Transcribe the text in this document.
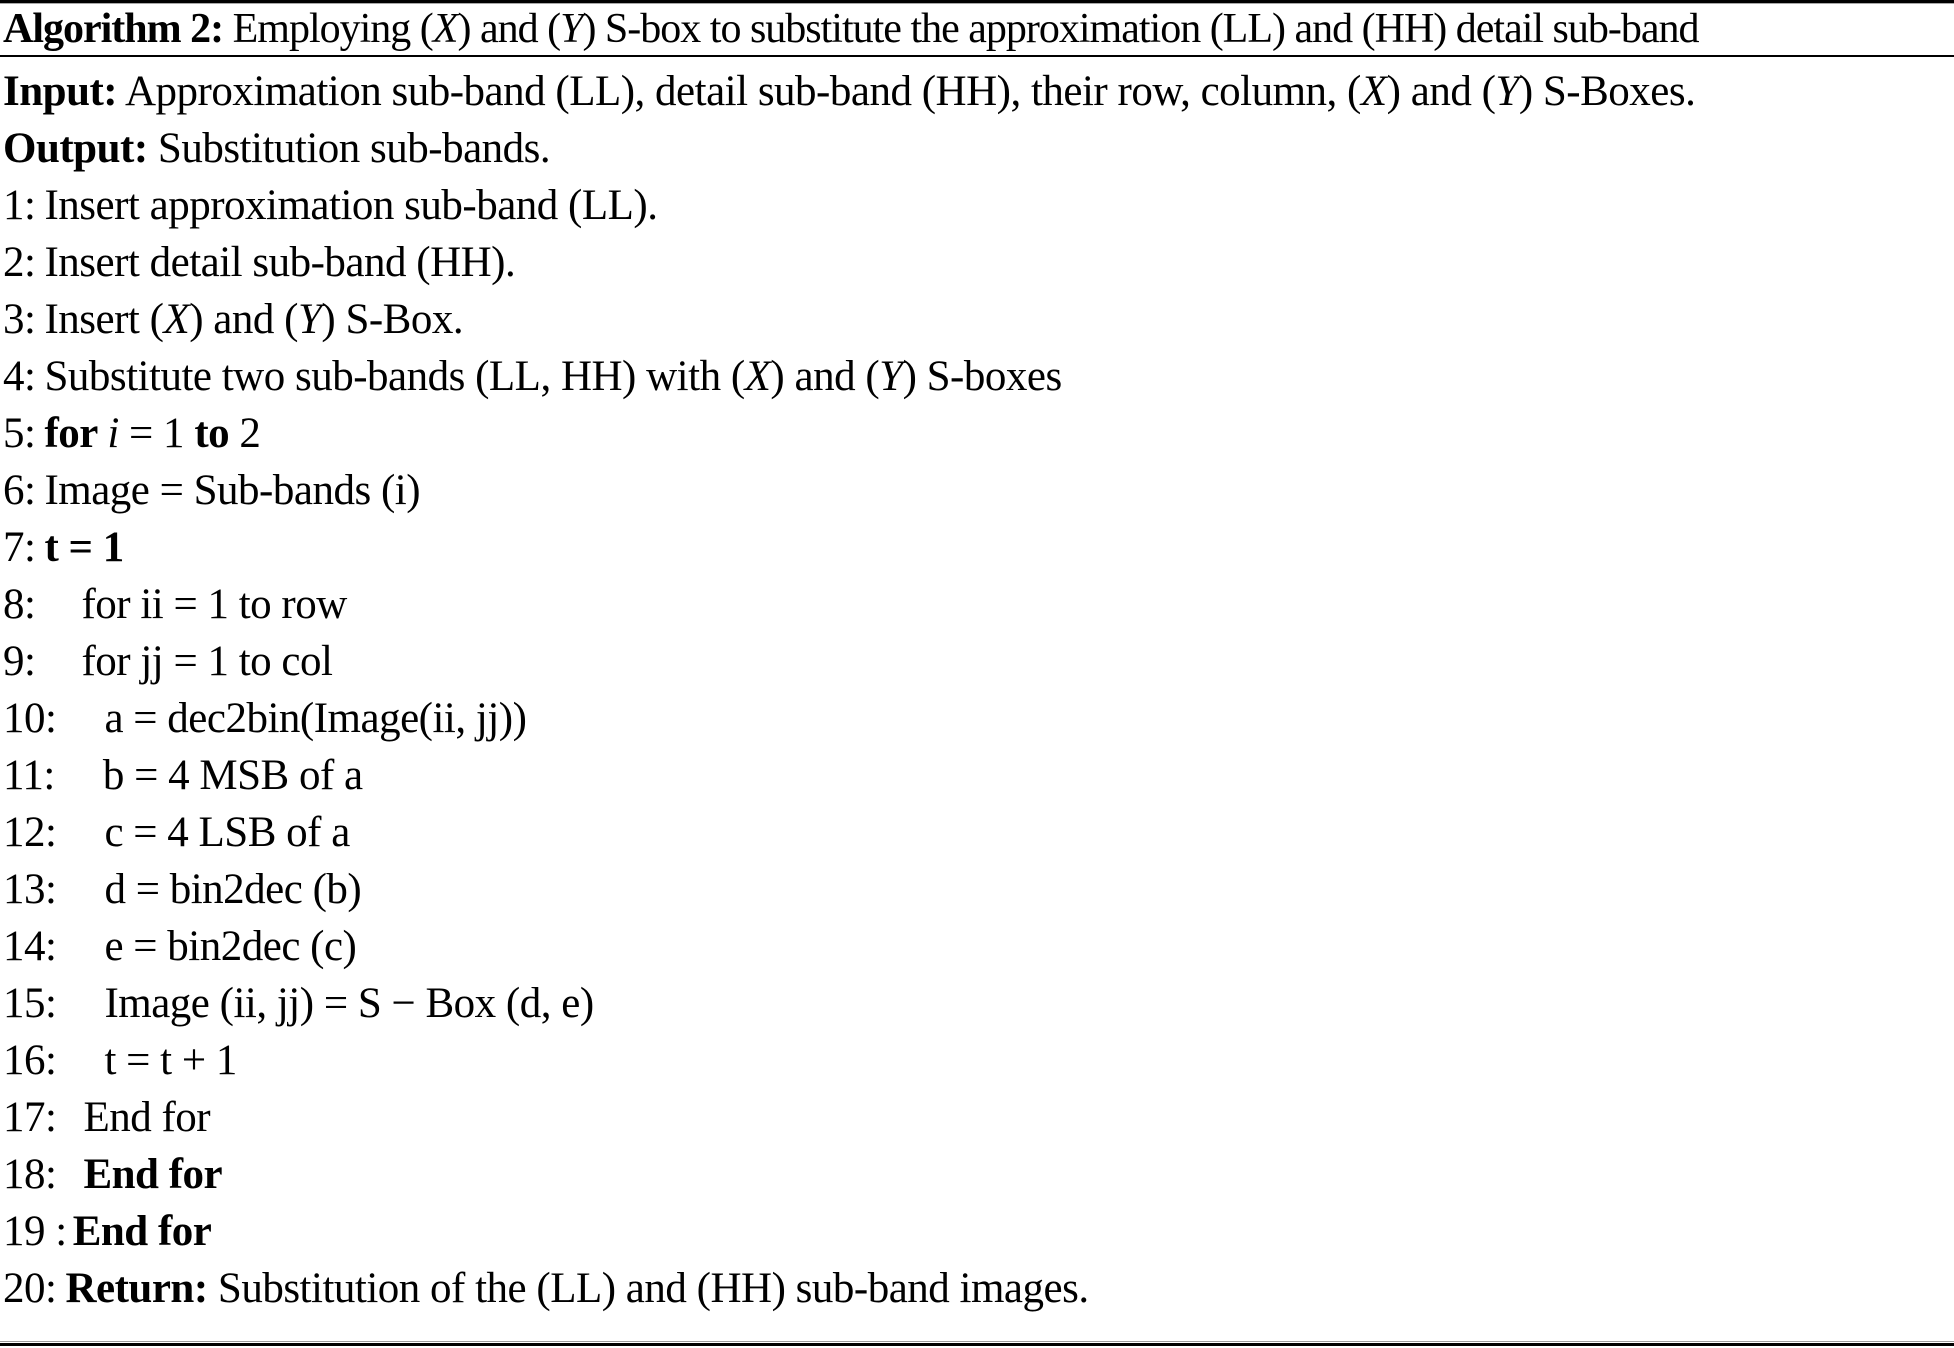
Algorithm 2: Employing (X) and (Y) S-box to substitute the approximation (LL) and (HH) detail sub-band
Input: Approximation sub-band (LL), detail sub-band (HH), their row, column, (X) and (Y) S-Boxes.
Output: Substitution sub-bands.
1: Insert approximation sub-band (LL).
2: Insert detail sub-band (HH).
3: Insert (X) and (Y) S-Box.
4: Substitute two sub-bands (LL, HH) with (X) and (Y) S-boxes
5: for i = 1 to 2
6: Image = Sub-bands (i)
7: t = 1
8: for ii = 1 to row
9: for jj = 1 to col
10: a = dec2bin(Image(ii, jj))
11: b = 4 MSB of a
12: c = 4 LSB of a
13: d = bin2dec (b)
14: e = bin2dec (c)
15: Image (ii, jj) = S − Box (d, e)
16: t = t + 1
17: End for
18: End for
19 : End for
20: Return: Substitution of the (LL) and (HH) sub-band images.
